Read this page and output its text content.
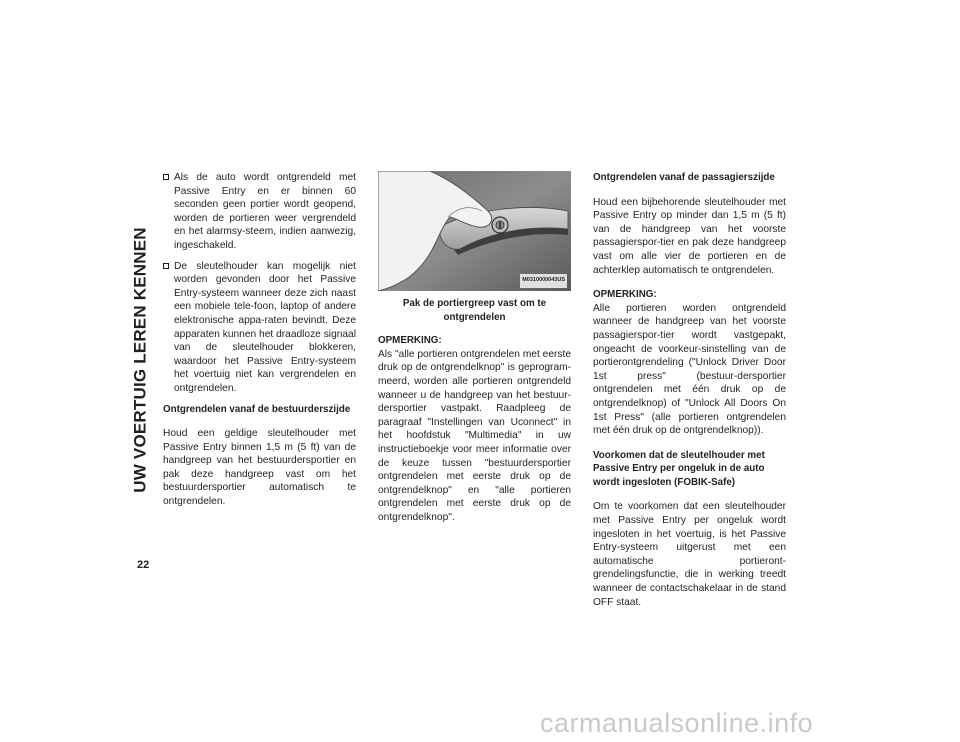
UW VOERTUIG LEREN KENNEN
22
Als de auto wordt ontgrendeld met Passive Entry en er binnen 60 seconden geen portier wordt geopend, worden de portieren weer vergrendeld en het alarmsy-steem, indien aanwezig, ingeschakeld.
De sleutelhouder kan mogelijk niet worden gevonden door het Passive Entry-systeem wanneer deze zich naast een mobiele tele-foon, laptop of andere elektronische appa-raten bevindt. Deze apparaten kunnen het draadloze signaal van de sleutelhouder blokkeren, waardoor het Passive Entry-systeem het voertuig niet kan vergrendelen en ontgrendelen.
Ontgrendelen vanaf de bestuurderszijde
Houd een geldige sleutelhouder met Passive Entry binnen 1,5 m (5 ft) van de handgreep van het bestuurdersportier en pak deze handgreep vast om het bestuurdersportier automatisch te ontgrendelen.
M0310000043US
Pak de portiergreep vast om te ontgrendelen
OPMERKING:
Als "alle portieren ontgrendelen met eerste druk op de ontgrendelknop" is geprogram-meerd, worden alle portieren ontgrendeld wanneer u de handgreep van het bestuur-dersportier vastpakt. Raadpleeg de paragraaf "Instellingen van Uconnect" in het hoofdstuk "Multimedia" in uw instructieboekje voor meer informatie over de keuze tussen "bestuurdersportier ontgrendelen met eerste druk op de ontgrendelknop" en "alle portieren ontgrendelen met eerste druk op de ontgrendelknop".
Ontgrendelen vanaf de passagierszijde
Houd een bijbehorende sleutelhouder met Passive Entry op minder dan 1,5 m (5 ft) van de handgreep van het voorste passagierspor-tier en pak deze handgreep vast om alle vier de portieren en de achterklep automatisch te ontgrendelen.
OPMERKING:
Alle portieren worden ontgrendeld wanneer de handgreep van het voorste passagierspor-tier wordt vastgepakt, ongeacht de voorkeur-sinstelling van de portierontgrendeling ("Unlock Driver Door 1st press" (bestuur-dersportier ontgrendelen met één druk op de ontgrendelknop) of "Unlock All Doors On 1st Press" (alle portieren ontgrendelen met één druk op de ontgrendelknop)).
Voorkomen dat de sleutelhouder met Passive Entry per ongeluk in de auto wordt ingesloten (FOBIK-Safe)
Om te voorkomen dat een sleutelhouder met Passive Entry per ongeluk wordt ingesloten in het voertuig, is het Passive Entry-systeem uitgerust met een automatische portieront-grendelingsfunctie, die in werking treedt wanneer de contactschakelaar in de stand OFF staat.
carmanualsonline.info
